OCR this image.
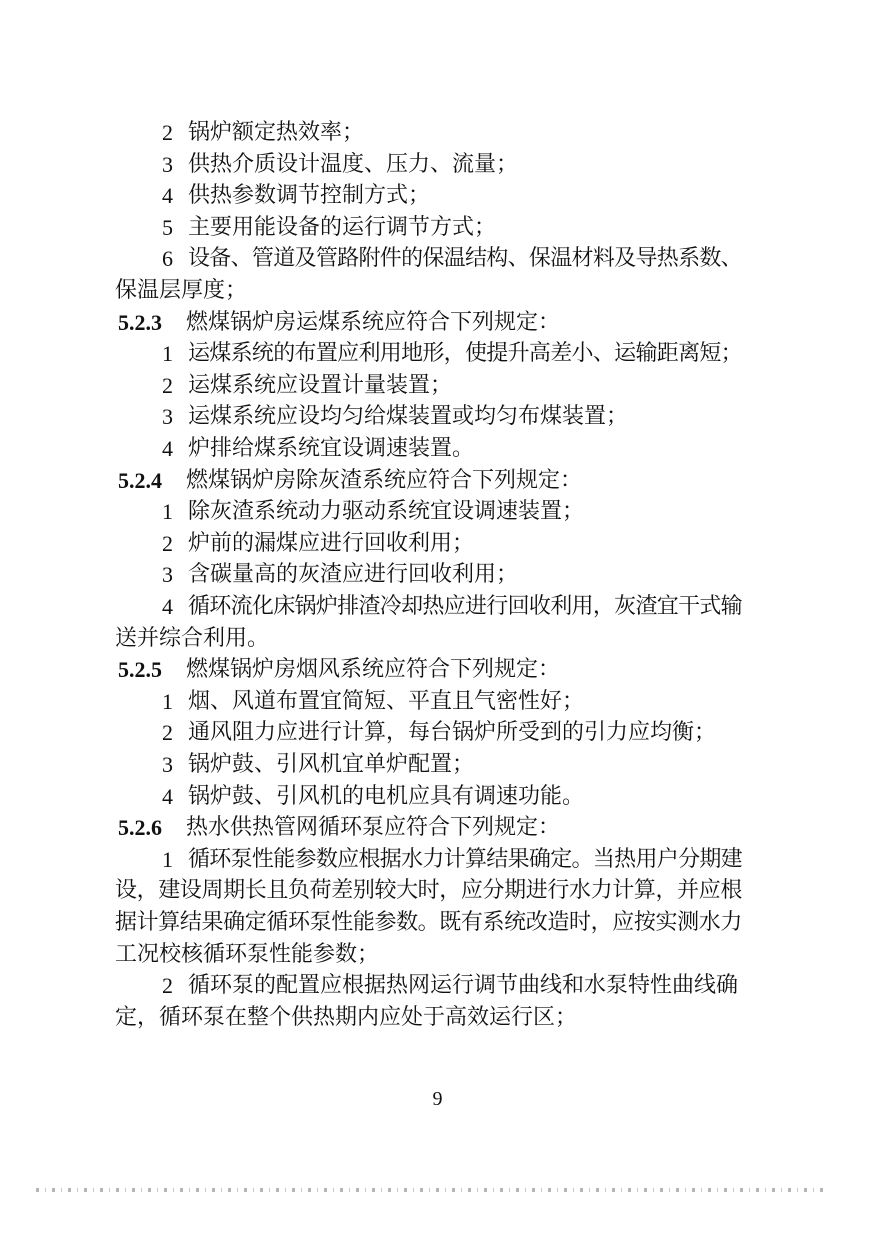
2 锅炉额定热效率；
3 供热介质设计温度、压力、流量；
4 供热参数调节控制方式；
5 主要用能设备的运行调节方式；
6 设备、管道及管路附件的保温结构、保温材料及导热系数、
保温层厚度；
5.2.3 燃煤锅炉房运煤系统应符合下列规定：
1 运煤系统的布置应利用地形，使提升高差小、运输距离短；
2 运煤系统应设置计量装置；
3 运煤系统应设均匀给煤装置或均匀布煤装置；
4 炉排给煤系统宜设调速装置。
5.2.4 燃煤锅炉房除灰渣系统应符合下列规定：
1 除灰渣系统动力驱动系统宜设调速装置；
2 炉前的漏煤应进行回收利用；
3 含碳量高的灰渣应进行回收利用；
4 循环流化床锅炉排渣冷却热应进行回收利用，灰渣宜干式输
送并综合利用。
5.2.5 燃煤锅炉房烟风系统应符合下列规定：
1 烟、风道布置宜简短、平直且气密性好；
2 通风阻力应进行计算，每台锅炉所受到的引力应均衡；
3 锅炉鼓、引风机宜单炉配置；
4 锅炉鼓、引风机的电机应具有调速功能。
5.2.6 热水供热管网循环泵应符合下列规定：
1 循环泵性能参数应根据水力计算结果确定。当热用户分期建
设，建设周期长且负荷差别较大时，应分期进行水力计算，并应根
据计算结果确定循环泵性能参数。既有系统改造时，应按实测水力
工况校核循环泵性能参数；
2 循环泵的配置应根据热网运行调节曲线和水泵特性曲线确
定，循环泵在整个供热期内应处于高效运行区；
9
